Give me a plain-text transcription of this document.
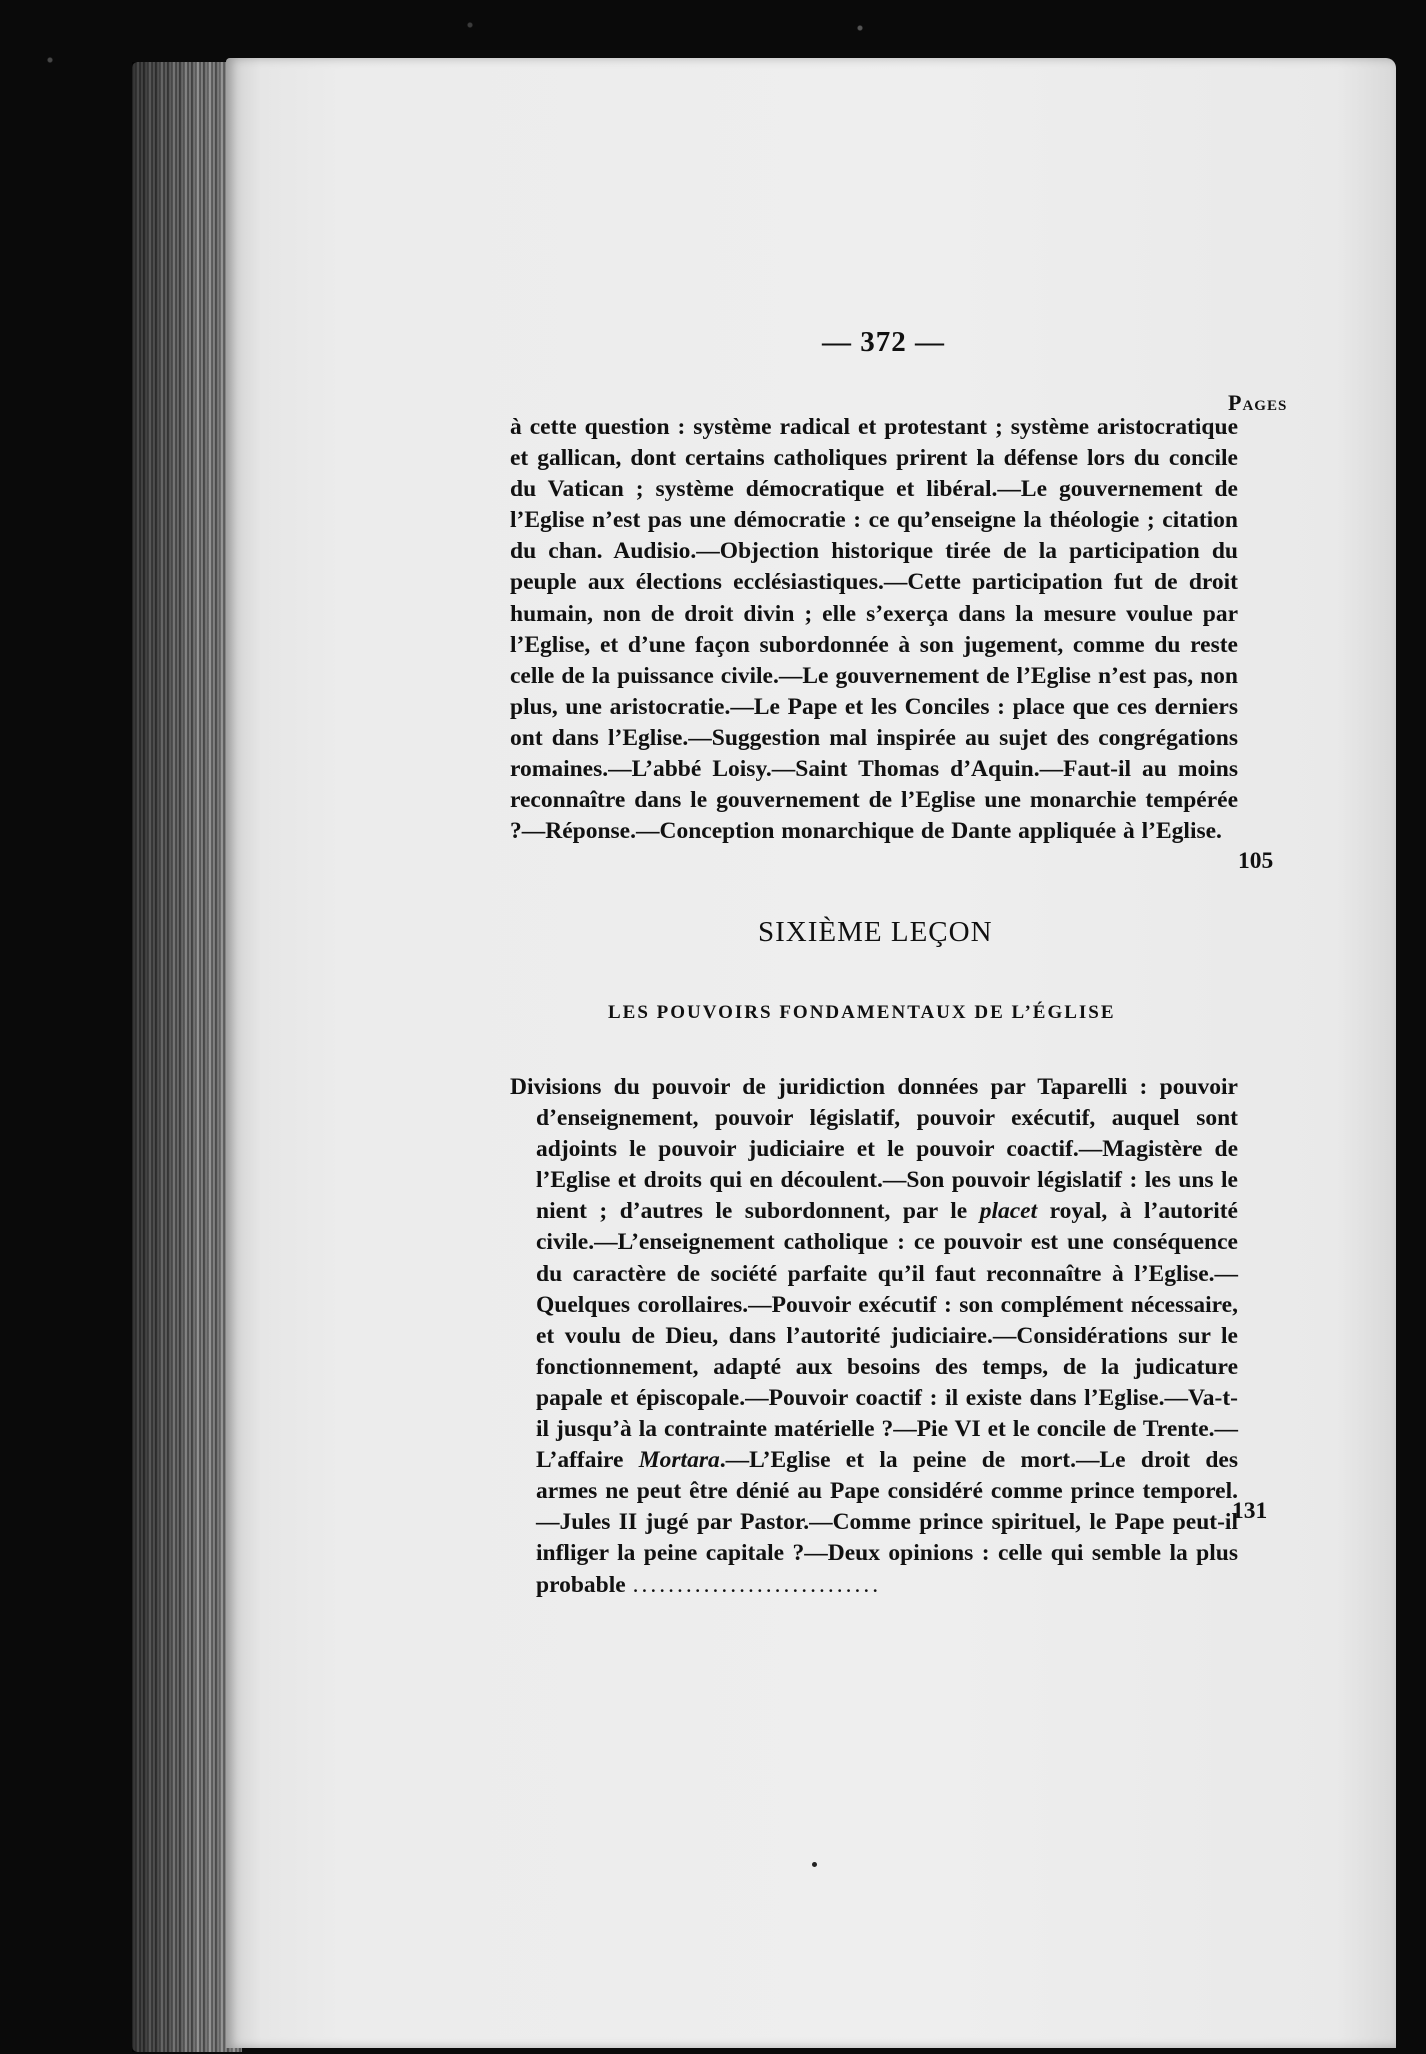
— 372 —
Pages

à cette question : système radical et protestant ; système aristocratique et gallican, dont certains catholiques prirent la défense lors du concile du Vatican ; système démocratique et libéral.—Le gouvernement de l’Eglise n’est pas une démocratie : ce qu’enseigne la théologie ; citation du chan. Audisio.—Objection historique tirée de la participation du peuple aux élections ecclésiastiques.—Cette participation fut de droit humain, non de droit divin ; elle s’exerça dans la mesure voulue par l’Eglise, et d’une façon subordonnée à son jugement, comme du reste celle de la puissance civile.—Le gouvernement de l’Eglise n’est pas, non plus, une aristocratie.—Le Pape et les Conciles : place que ces derniers ont dans l’Eglise.—Suggestion mal inspirée au sujet des congrégations romaines.—L’abbé Loisy.—Saint Thomas d’Aquin.—Faut-il au moins reconnaître dans le gouvernement de l’Eglise une monarchie tempérée ?—Réponse.—Conception monarchique de Dante appliquée à l’Eglise.

105
SIXIÈME LEÇON
LES POUVOIRS FONDAMENTAUX DE L’ÉGLISE

Divisions du pouvoir de juridiction données par Taparelli : pouvoir d’enseignement, pouvoir législatif, pouvoir exécutif, auquel sont adjoints le pouvoir judiciaire et le pouvoir coactif.—Magistère de l’Eglise et droits qui en découlent.—Son pouvoir législatif : les uns le nient ; d’autres le subordonnent, par le placet royal, à l’autorité civile.—L’enseignement catholique : ce pouvoir est une conséquence du caractère de société parfaite qu’il faut reconnaître à l’Eglise.—Quelques corollaires.—Pouvoir exécutif : son complément nécessaire, et voulu de Dieu, dans l’autorité judiciaire.—Considérations sur le fonctionnement, adapté aux besoins des temps, de la judicature papale et épiscopale.—Pouvoir coactif : il existe dans l’Eglise.—Va-t-il jusqu’à la contrainte matérielle ?—Pie VI et le concile de Trente.—L’affaire Mortara.—L’Eglise et la peine de mort.—Le droit des armes ne peut être dénié au Pape considéré comme prince temporel.—Jules II jugé par Pastor.—Comme prince spirituel, le Pape peut-il infliger la peine capitale ?—Deux opinions : celle qui semble la plus probable ............................

131
